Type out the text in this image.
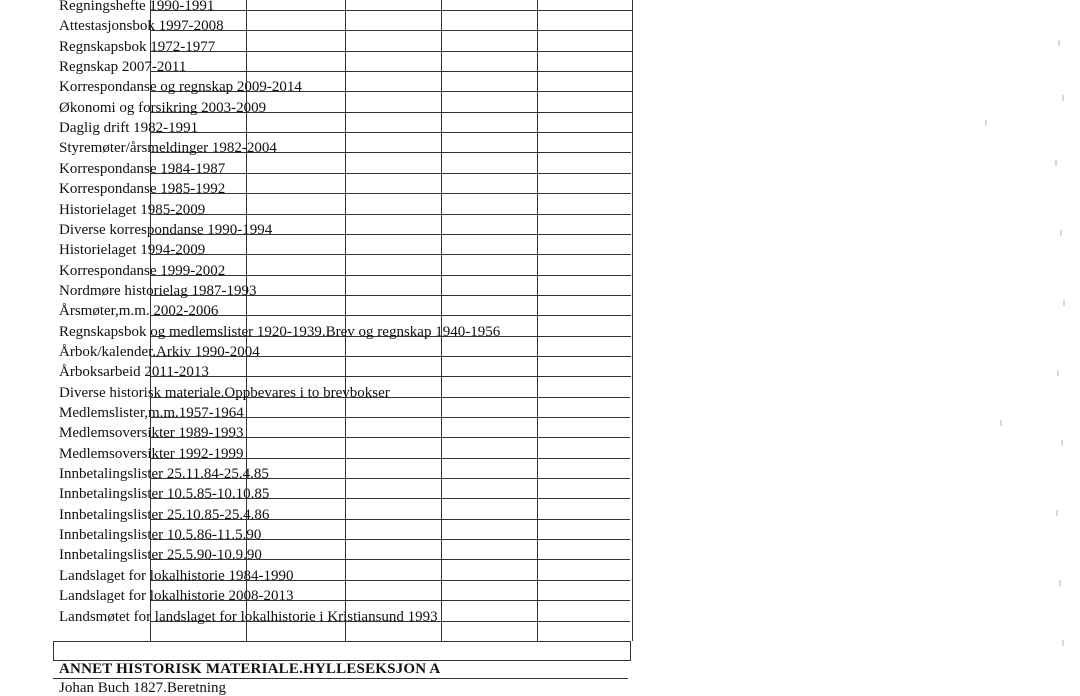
Regningshefte 1990-1991
Attestasjonsbok 1997-2008
Regnskapsbok 1972-1977
Regnskap 2007-2011
Korrespondanse og regnskap 2009-2014
Økonomi og forsikring 2003-2009
Daglig drift 1982-1991
Styremøter/årsmeldinger 1982-2004
Korrespondanse 1984-1987
Korrespondanse 1985-1992
Historielaget 1985-2009
Diverse korrespondanse 1990-1994
Historielaget 1994-2009
Korrespondanse 1999-2002
Nordmøre historielag 1987-1993
Årsmøter,m.m. 2002-2006
Regnskapsbok og medlemslister 1920-1939.Brev og regnskap 1940-1956
Årbok/kalender.Arkiv 1990-2004
Årboksarbeid 2011-2013
Diverse historisk materiale.Oppbevares i to brevbokser
Medlemslister,m.m.1957-1964
Medlemsoversikter 1989-1993
Medlemsoversikter 1992-1999
Innbetalingslister 25.11.84-25.4.85
Innbetalingslister 10.5.85-10.10.85
Innbetalingslister 25.10.85-25.4.86
Innbetalingslister 10.5.86-11.5.90
Innbetalingslister 25.5.90-10.9.90
Landslaget for lokalhistorie 1984-1990
Landslaget for lokalhistorie 2008-2013
Landsmøtet for landslaget for lokalhistorie i Kristiansund 1993
ANNET HISTORISK MATERIALE.HYLLESEKSJON A
Johan Buch 1827.Beretning
